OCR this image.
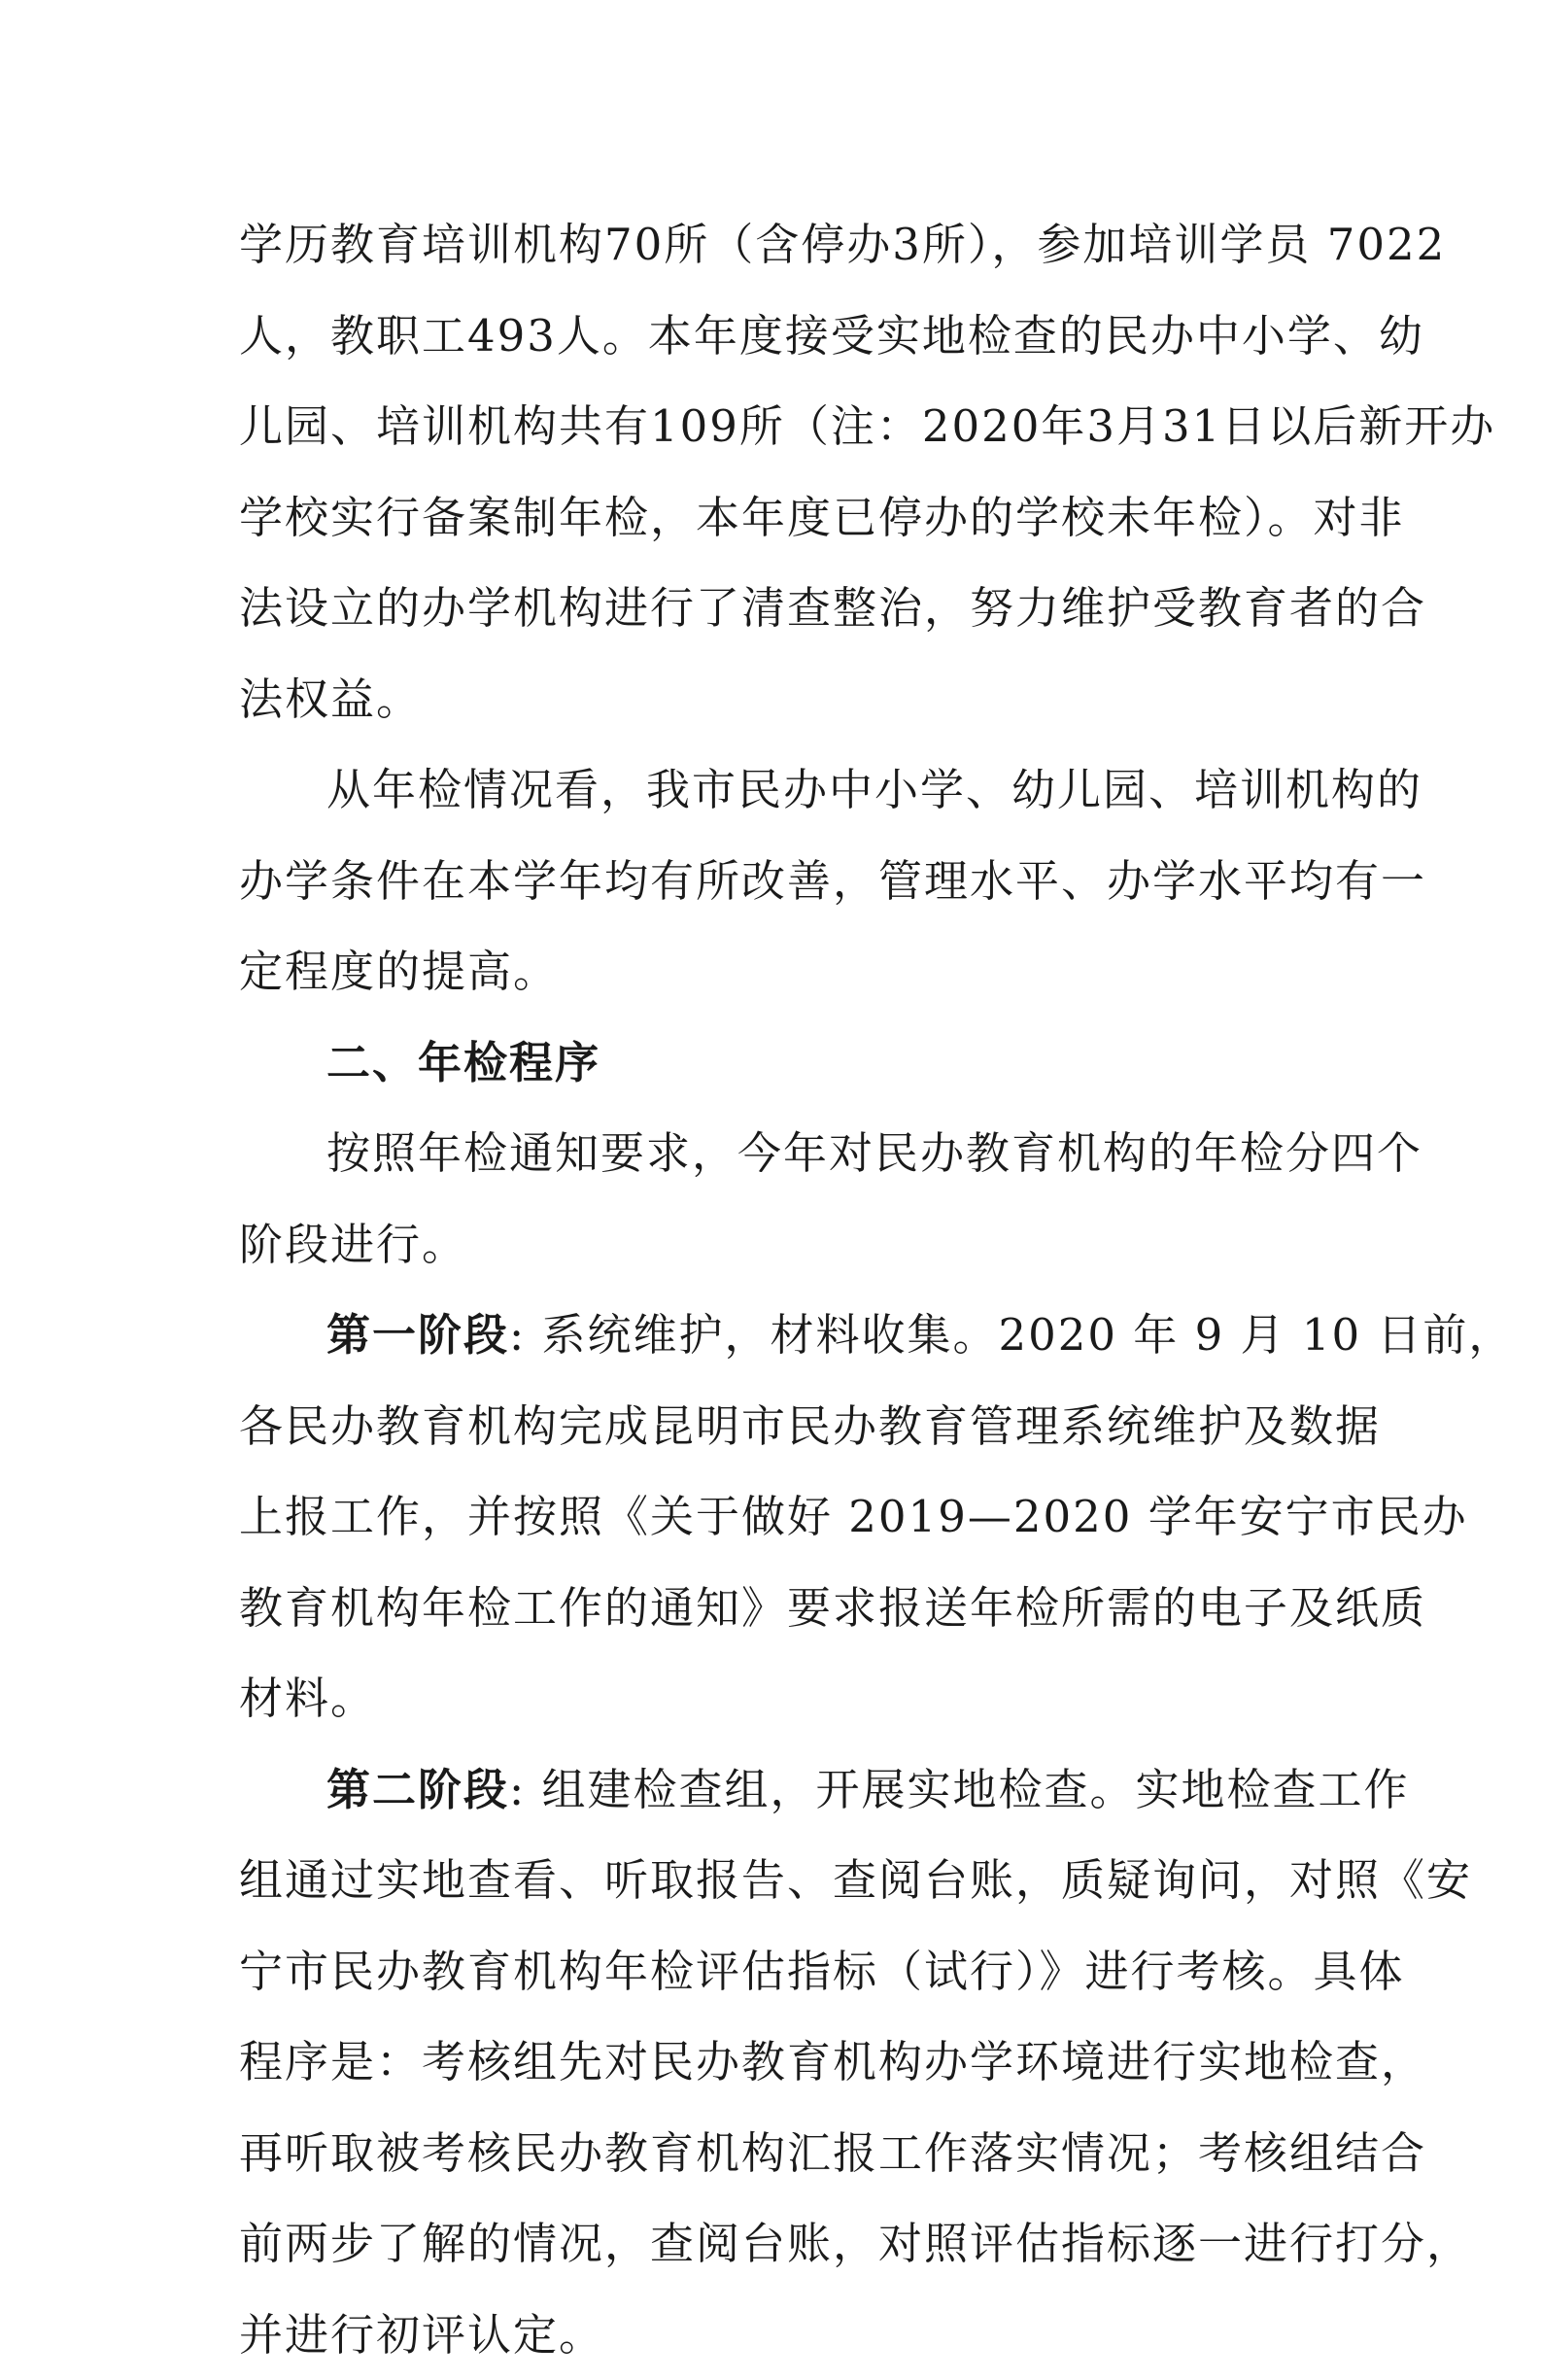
学历教育培训机构70所（含停办3所），参加培训学员 7022
人，教职工493人。本年度接受实地检查的民办中小学、幼
儿园、培训机构共有109所（注：2020年3月31日以后新开办
学校实行备案制年检，本年度已停办的学校未年检）。对非
法设立的办学机构进行了清查整治，努力维护受教育者的合
法权益。
从年检情况看，我市民办中小学、幼儿园、培训机构的
办学条件在本学年均有所改善，管理水平、办学水平均有一
定程度的提高。
二、年检程序
按照年检通知要求，今年对民办教育机构的年检分四个
阶段进行。
第一阶段: 系统维护，材料收集。2020 年 9 月 10 日前，
各民办教育机构完成昆明市民办教育管理系统维护及数据
上报工作，并按照《关于做好 2019—2020 学年安宁市民办
教育机构年检工作的通知》要求报送年检所需的电子及纸质
材料。
第二阶段: 组建检查组，开展实地检查。实地检查工作
组通过实地查看、听取报告、查阅台账，质疑询问，对照《安
宁市民办教育机构年检评估指标（试行）》进行考核。具体
程序是：考核组先对民办教育机构办学环境进行实地检查，
再听取被考核民办教育机构汇报工作落实情况；考核组结合
前两步了解的情况，查阅台账，对照评估指标逐一进行打分，
并进行初评认定。
